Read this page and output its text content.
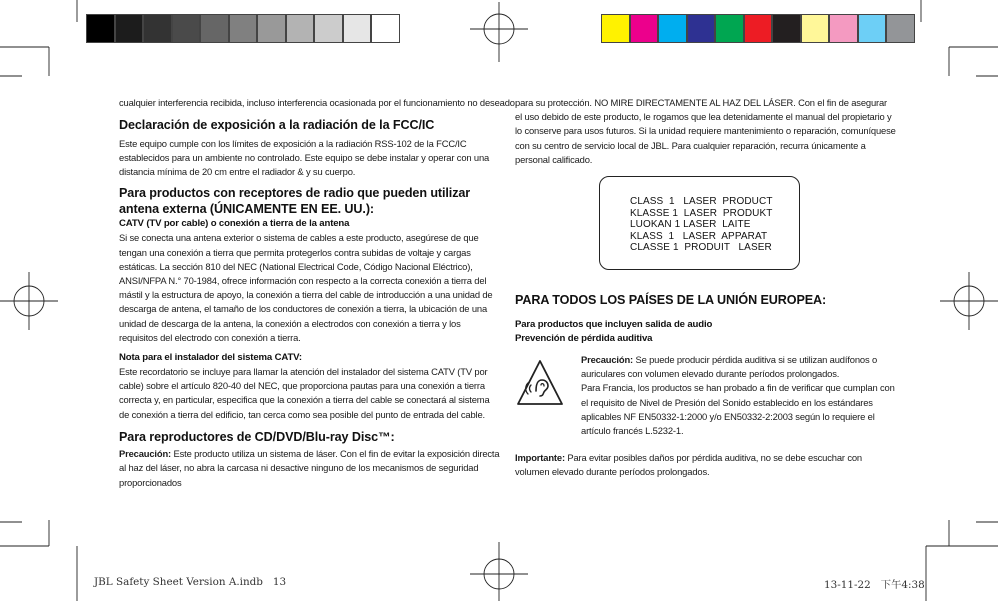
cualquier interferencia recibida, incluso interferencia ocasionada por el funcionamiento no deseado.

Declaración de exposición a la radiación de la FCC/IC

Este equipo cumple con los límites de exposición a la radiación RSS-102 de la FCC/IC establecidos para un ambiente no controlado. Este equipo se debe instalar y operar con una distancia mínima de 20 cm entre el radiador & y su cuerpo.

Para productos con receptores de radio que pueden utilizar antena externa (ÚNICAMENTE EN EE. UU.):

CATV (TV por cable) o conexión a tierra de la antena

Si se conecta una antena exterior o sistema de cables a este producto, asegúrese de que tengan una conexión a tierra que permita protegerlos contra subidas de voltaje y cargas estáticas. La sección 810 del NEC (National Electrical Code, Código Nacional Eléctrico), ANSI/NFPA N.° 70-1984, ofrece información con respecto a la correcta conexión a tierra del mástil y la estructura de apoyo, la conexión a tierra del cable de introducción a una unidad de descarga de antena, el tamaño de los conductores de conexión a tierra, la ubicación de una unidad de descarga de la antena, la conexión a electrodos con conexión a tierra y los requisitos del electrodo con conexión a tierra.

Nota para el instalador del sistema CATV:

Este recordatorio se incluye para llamar la atención del instalador del sistema CATV (TV por cable) sobre el artículo 820-40 del NEC, que proporciona pautas para una conexión a tierra correcta y, en particular, especifica que la conexión a tierra del cable se conectará al sistema de conexión a tierra del edificio, tan cerca como sea posible del punto de entrada del cable.

Para reproductores de CD/DVD/Blu-ray Disc™:

Precaución: Este producto utiliza un sistema de láser. Con el fin de evitar la exposición directa al haz del láser, no abra la carcasa ni desactive ninguno de los mecanismos de seguridad proporcionados

para su protección. NO MIRE DIRECTAMENTE AL HAZ DEL LÁSER. Con el fin de asegurar el uso debido de este producto, le rogamos que lea detenidamente el manual del propietario y lo conserve para usos futuros. Si la unidad requiere mantenimiento o reparación, comuníquese con su centro de servicio local de JBL. Para cualquier reparación, recurra únicamente a personal calificado.

CLASS  1   LASER  PRODUCT
KLASSE 1  LASER  PRODUKT
LUOKAN 1 LASER  LAITE
KLASS  1   LASER  APPARAT
CLASSE 1  PRODUIT   LASER

PARA TODOS LOS PAÍSES DE LA UNIÓN EUROPEA:

Para productos que incluyen salida de audio

Prevención de pérdida auditiva

Precaución: Se puede producir pérdida auditiva si se utilizan audífonos o auriculares con volumen elevado durante períodos prolongados.

Para Francia, los productos se han probado a fin de verificar que cumplan con el requisito de Nivel de Presión del Sonido establecido en los estándares aplicables NF EN50332-1:2000 y/o EN50332-2:2003 según lo requiere el artículo francés L.5232-1.

Importante: Para evitar posibles daños por pérdida auditiva, no se debe escuchar con volumen elevado durante períodos prolongados.

JBL Safety Sheet Version A.indb   13	13-11-22   下午4:38
